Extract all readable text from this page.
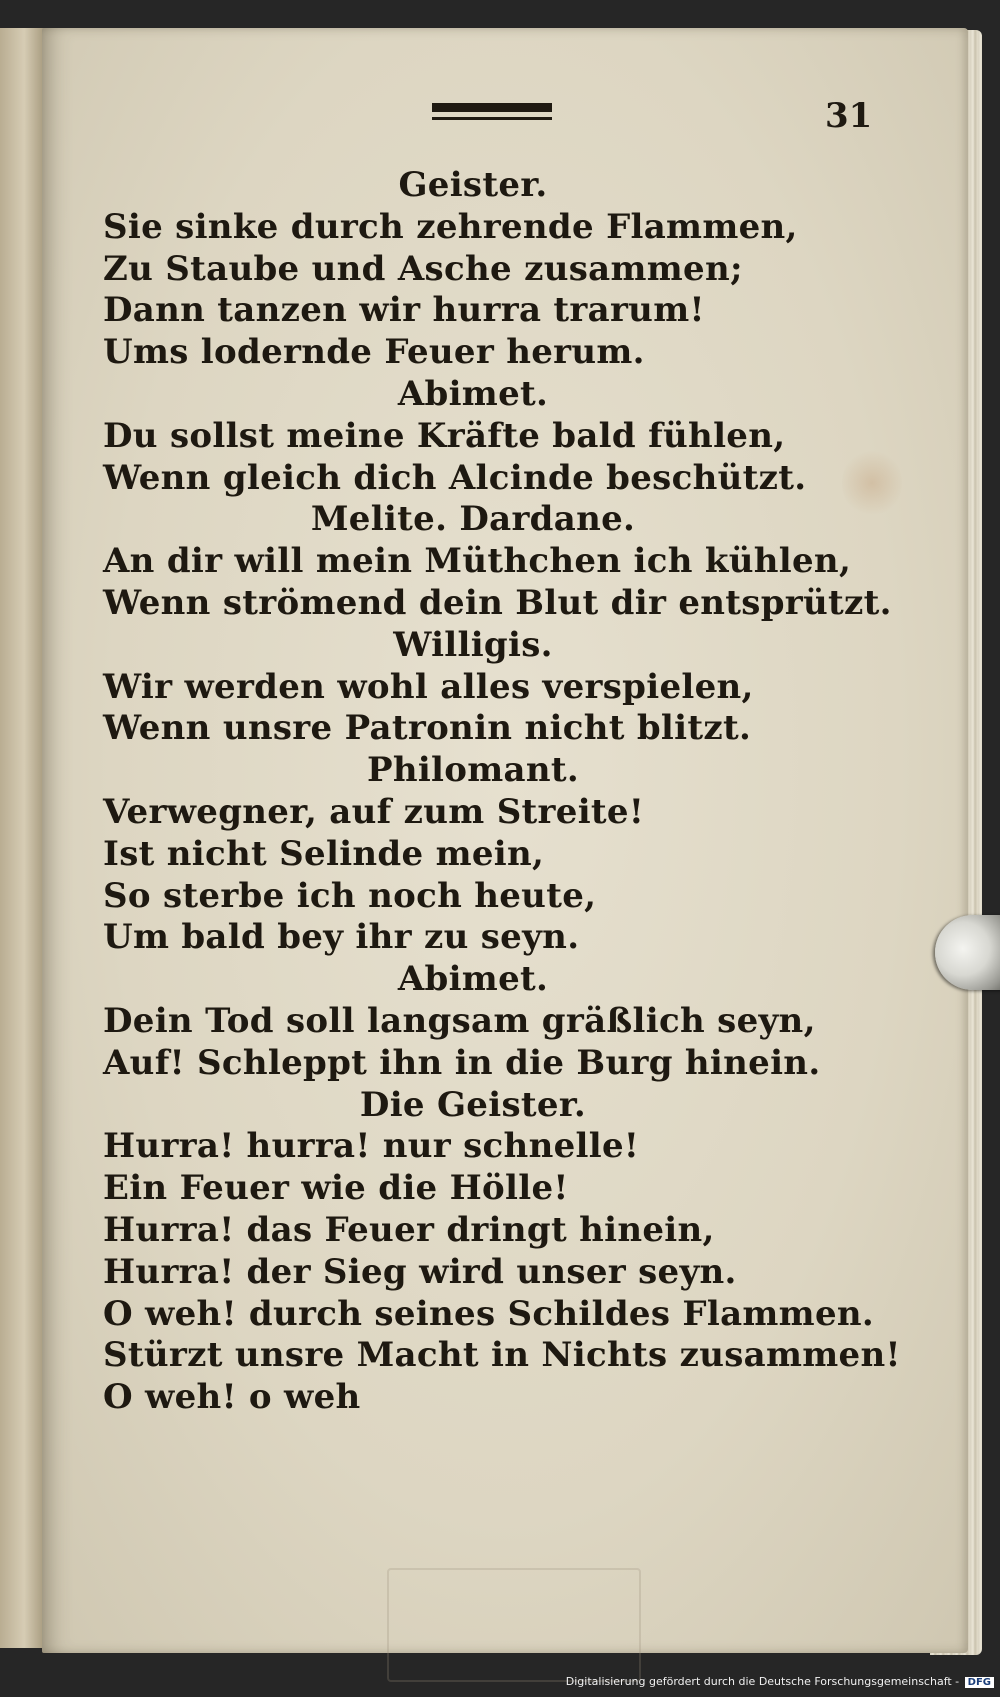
31
Geister.
Sie sinke durch zehrende Flammen,
Zu Staube und Asche zusammen;
Dann tanzen wir hurra trarum!
Ums lodernde Feuer herum.
Abimet.
Du sollst meine Kräfte bald fühlen,
Wenn gleich dich Alcinde beschützt.
Melite. Dardane.
An dir will mein Müthchen ich kühlen,
Wenn strömend dein Blut dir entsprützt.
Willigis.
Wir werden wohl alles verspielen,
Wenn unsre Patronin nicht blitzt.
Philomant.
Verwegner, auf zum Streite!
Ist nicht Selinde mein,
So sterbe ich noch heute,
Um bald bey ihr zu seyn.
Abimet.
Dein Tod soll langsam gräßlich seyn,
Auf! Schleppt ihn in die Burg hinein.
Die Geister.
Hurra! hurra! nur schnelle!
Ein Feuer wie die Hölle!
Hurra! das Feuer dringt hinein,
Hurra! der Sieg wird unser seyn.
O weh! durch seines Schildes Flammen.
Stürzt unsre Macht in Nichts zusammen!
O weh! o weh
Digitalisierung gefördert durch die Deutsche Forschungsgemeinschaft - DFG
